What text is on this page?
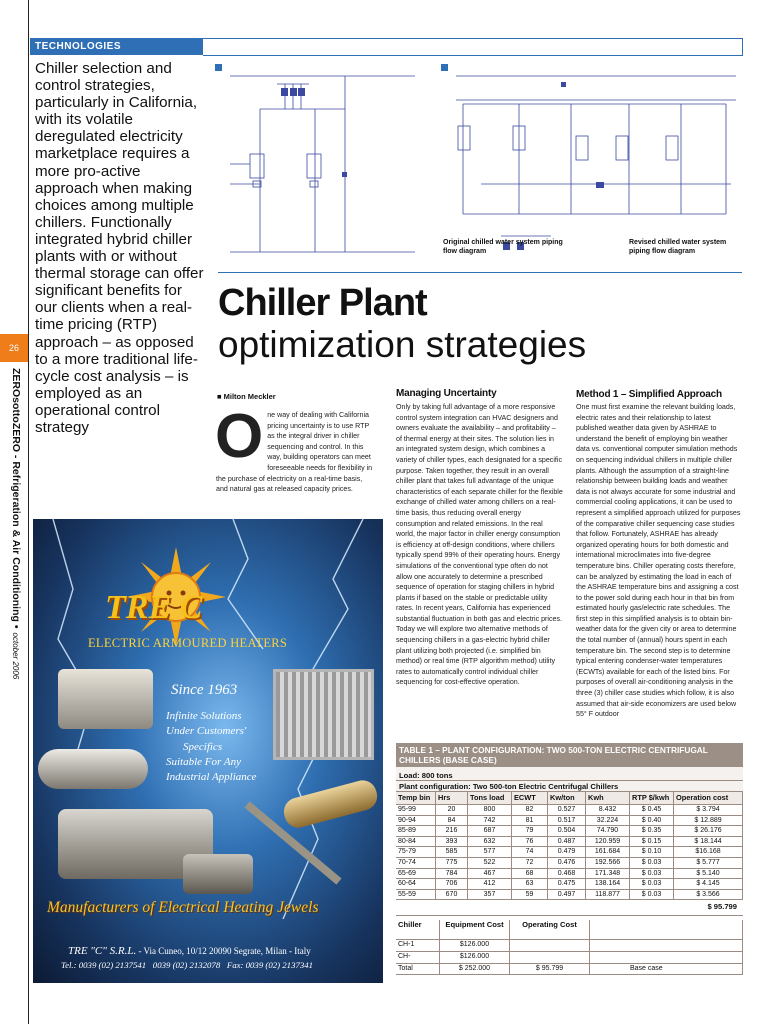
26
ZEROsottoZERO - Refrigeration & Air Conditioning •october 2006
TECHNOLOGIES
Chiller selection and control strategies, particularly in California, with its volatile deregulated electricity marketplace requires a more pro-active approach when making choices among multiple chillers. Functionally integrated hybrid chiller plants with or without thermal storage can offer significant benefits for our clients when a real-time pricing (RTP) approach – as opposed to a more traditional life-cycle cost analysis – is employed as an operational control strategy
Original chilled water system piping flow diagram
Revised chilled water system piping flow diagram
Chiller Plant
optimization strategies
■ Milton Meckler
One way of dealing with California pricing uncertainty is to use RTP as the integral driver in chiller sequencing and control. In this way, building operators can meet foreseeable needs for flexibility in the purchase of electricity on a real-time basis, and natural gas at released capacity prices.
Managing Uncertainty
Only by taking full advantage of a more responsive control system integration can HVAC designers and owners evaluate the availability – and profitability – of thermal energy at their sites. The solution lies in an integrated system design, which combines a variety of chiller types, each designated for a specific purpose. Taken together, they result in an overall chiller plant that takes full advantage of the unique characteristics of each separate chiller for the flexible exchange of chilled water among chillers on a real-time basis, thus reducing overall energy consumption and related emissions. In the real world, the major factor in chiller energy consumption is efficiency at off-design conditions, where chillers typically spend 99% of their operating hours. Energy simulations of the conventional type often do not allow one accurately to determine a prescribed sequence of operation for staging chillers in hybrid plants if based on the stable or predictable utility rates. In recent years, California has experienced substantial fluctuation in both gas and electric prices. Today we will explore two alternative methods of sequencing chillers in a gas-electric hybrid chiller plant utilizing both projected (i.e. simplified bin method) or real time (RTP algorithm method) utility rates to automatically control individual chiller sequencing for cost-effective operation.
Method 1 – Simplified Approach
One must first examine the relevant building loads, electric rates and their relationship to latest published weather data given by ASHRAE to understand the benefit of employing bin weather data vs. conventional computer simulation methods on sequencing individual chillers in multiple chiller plants. Although the assumption of a straight-line relationship between building loads and weather data is not always accurate for some industrial and commercial cooling applications, it can be used to represent a simplified approach utilized for purposes of the comparative chiller sequencing case studies that follow. Fortunately, ASHRAE has already organized operating hours for both domestic and international microclimates into five-degree temperature bins. Chiller operating costs therefore, can be analyzed by estimating the load in each of the ASHRAE temperature bins and assigning a cost to the power sold during each hour in that bin from estimated hourly gas/electric rate schedules. The first step in this simplified analysis is to obtain bin-weather data for the given city or area to determine the total number of (annual) hours spent in each temperature bin. The second step is to determine typical entering condenser-water temperatures (ECWTs) available for each of the listed bins. For purposes of overall air-conditioning analysis in the three (3) chiller case studies which follow, it is also assumed that air-side economizers are used below 55° F outdoor
TRE C
ELECTRIC ARMOURED HEATERS
Since 1963
Infinite Solutions
Under Customers'
Specifics
Suitable For Any
Industrial Appliance
Manufacturers of Electrical Heating Jewels
TRE "C" S.R.L. - Via Cuneo, 10/12 20090 Segrate, Milan - Italy
Tel.: 0039 (02) 2137541   0039 (02) 2132078   Fax: 0039 (02) 2137341
TABLE 1 – PLANT CONFIGURATION: TWO 500-TON ELECTRIC CENTRIFUGAL CHILLERS (BASE CASE)
Load: 800 tons
Plant configuration: Two 500-ton Electric Centrifugal Chillers
Temp bin	Hrs	Tons load	ECWT	Kw/ton	Kwh	RTP $/kwh Operation cost
95-99	20	800	82	0.527	8.432	$ 0.45	$ 3.794
90-94	84	742	81	0.517	32.224	$ 0.40	$ 12.889
85-89	216	687	79	0.504	74.790	$ 0.35	$ 26.176
80-84	393	632	76	0.487	120.959	$ 0.15	$ 18.144
75-79	585	577	74	0.479	161.684	$ 0.10	$16.168
70-74	775	522	72	0.476	192.566	$ 0.03	$ 5.777
65-69	784	467	68	0.468	171.348	$ 0.03	$ 5.140
60-64	706	412	63	0.475	138.164	$ 0.03	$ 4.145
55-59	670	357	59	0.497	118.877	$ 0.03	$ 3.566
$ 95.799
Chiller	Equipment Cost	Operating Cost
CH-1	$126.000
CH-	$126.000
Total	$ 252.000	$ 95.799	Base case
